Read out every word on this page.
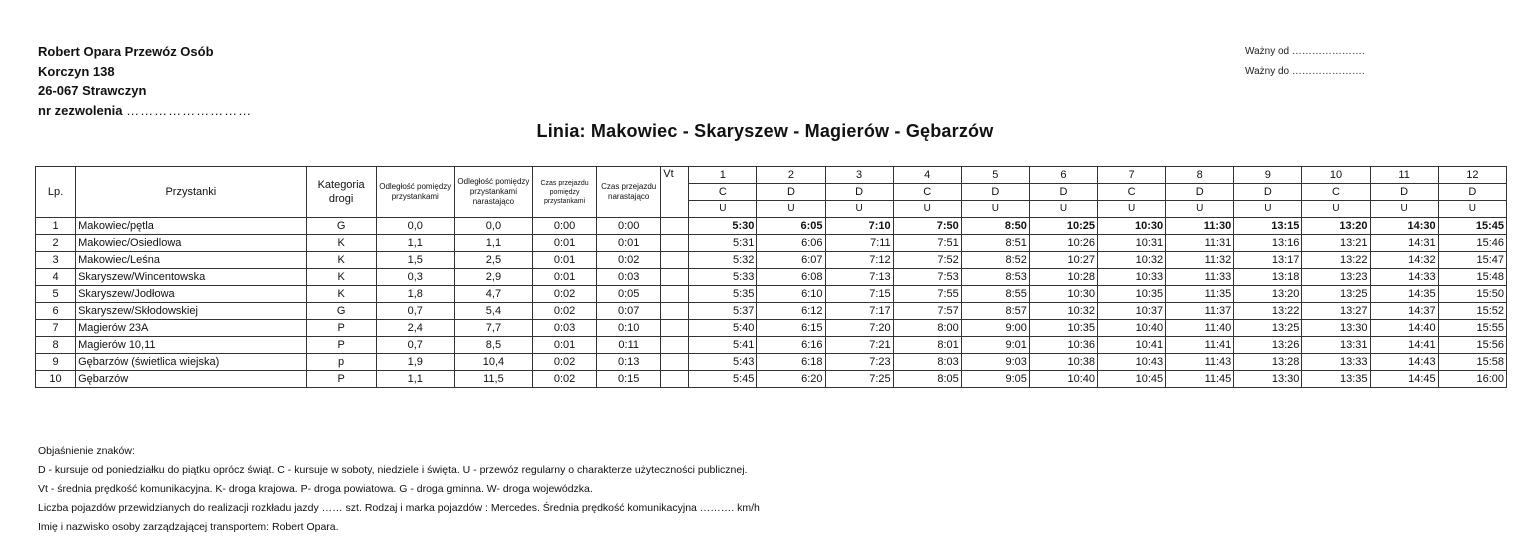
Robert Opara Przewóz Osób
Korczyn 138
26-067 Strawczyn
nr zezwolenia ………………………
Ważny od ………………….
Ważny do ………………….
Linia: Makowiec - Skaryszew - Magierów - Gębarzów
Lp.	Przystanki	Kategoria drogi	Odległość pomiędzy przystankami	Odległość pomiędzy przystankami narastająco	Czas przejazdu pomiędzy przystankami	Czas przejazdu narastająco	Vt	1	2	3	4	5	6	7	8	9	10	11	12
								C	D	D	C	D	D	C	D	D	C	D	D
								U	U	U	U	U	U	U	U	U	U	U	U
1	Makowiec/pętla	G	0,0	0,0	0:00	0:00		5:30	6:05	7:10	7:50	8:50	10:25	10:30	11:30	13:15	13:20	14:30	15:45
2	Makowiec/Osiedlowa	K	1,1	1,1	0:01	0:01		5:31	6:06	7:11	7:51	8:51	10:26	10:31	11:31	13:16	13:21	14:31	15:46
3	Makowiec/Leśna	K	1,5	2,5	0:01	0:02		5:32	6:07	7:12	7:52	8:52	10:27	10:32	11:32	13:17	13:22	14:32	15:47
4	Skaryszew/Wincentowska	K	0,3	2,9	0:01	0:03		5:33	6:08	7:13	7:53	8:53	10:28	10:33	11:33	13:18	13:23	14:33	15:48
5	Skaryszew/Jodłowa	K	1,8	4,7	0:02	0:05		5:35	6:10	7:15	7:55	8:55	10:30	10:35	11:35	13:20	13:25	14:35	15:50
6	Skaryszew/Skłodowskiej	G	0,7	5,4	0:02	0:07		5:37	6:12	7:17	7:57	8:57	10:32	10:37	11:37	13:22	13:27	14:37	15:52
7	Magierów 23A	P	2,4	7,7	0:03	0:10		5:40	6:15	7:20	8:00	9:00	10:35	10:40	11:40	13:25	13:30	14:40	15:55
8	Magierów 10,11	P	0,7	8,5	0:01	0:11		5:41	6:16	7:21	8:01	9:01	10:36	10:41	11:41	13:26	13:31	14:41	15:56
9	Gębarzów (świetlica wiejska)	p	1,9	10,4	0:02	0:13		5:43	6:18	7:23	8:03	9:03	10:38	10:43	11:43	13:28	13:33	14:43	15:58
10	Gębarzów	P	1,1	11,5	0:02	0:15		5:45	6:20	7:25	8:05	9:05	10:40	10:45	11:45	13:30	13:35	14:45	16:00
Objaśnienie znaków:
D - kursuje od poniedziałku do piątku oprócz świąt. C - kursuje w soboty, niedziele i święta. U - przewóz regularny o charakterze użyteczności publicznej.
Vt - średnia prędkość komunikacyjna. K- droga krajowa. P- droga powiatowa. G - droga gminna. W- droga wojewódzka.
Liczba pojazdów przewidzianych do realizacji rozkładu jazdy …… szt. Rodzaj i marka pojazdów : Mercedes. Średnia prędkość komunikacyjna ………. km/h
Imię i nazwisko osoby zarządzającej transportem: Robert Opara.
